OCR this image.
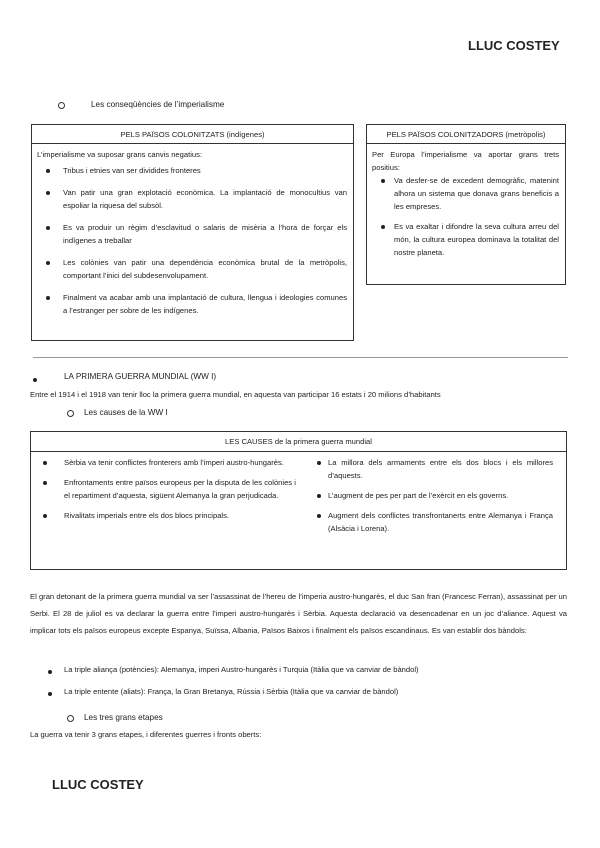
LLUC COSTEY
Les conseqüències de l’imperialisme
PELS PAÏSOS COLONITZATS (indígenes)

L’imperialisme va suposar grans canvis negatius:

Tribus i etnies van ser dividides fronteres
Van patir una gran explotació econòmica. La implantació de monocultius van espoliar la riquesa del subsòl.
Es va produir un règim d’esclavitud o salaris de misèria a l’hora de forçar els indígenes a treballar
Les colònies van patir una dependència econòmica brutal de la metròpolis, comportant l’inici del subdesenvolupament.
Finalment va acabar amb una implantació de cultura, llengua i ideologies comunes a l’estranger per sobre de les indígenes.
PELS PAÏSOS COLONITZADORS (metròpolis)

Per Europa l’imperialisme va aportar grans trets positius:

Va desfer-se de excedent demogràfic, matenint alhora un sistema que donava grans beneficis a les empreses.
Es va exaltar i difondre la seva cultura arreu del món, la cultura europea dominava la totalitat del nostre planeta.
LA PRIMERA GUERRA MUNDIAL (WW I)
Entre el 1914 i el 1918 van tenir lloc la primera guerra mundial, en aquesta van participar 16 estats i 20 milions d’habitants
Les causes de la WW I
LES CAUSES de la primera guerra mundial
Sèrbia va tenir conflictes fronterers amb l’imperi austro-hungarès.
Enfrontaments entre països europeus per la disputa de les colònies i el repartiment d’aquesta, sigüent Alemanya la gran perjudicada.
Rivalitats imperials entre els dos blocs principals.
La millora dels armaments entre els dos blocs i els millores d’aquests.
L’augment de pes per part de l’exèrcit en els governs.
Augment dels conflictes transfrontanerts entre Alemanya i França (Alsàcia i Lorena).
El gran detonant de la primera guerra mundial va ser l’assassinat de l’hereu de l’imperia austro-hungarès, el duc San fran (Francesc Ferran), assassinat per un Serbi. El 28 de juliol es va declarar la guerra entre l’imperi austro-hungarès i Sèrbia. Aquesta declaració va desencadenar en un joc d’aliance. Aquest va implicar tots els països europeus excepte Espanya, Suïssa, Albania, Països Baixos i finalment els països escandinaus. Es van establir dos bàndols:
La triple aliança (potències): Alemanya, imperi Austro-hungarès i Turquia (Itàlia que va canviar de bàndol)
La triple entente (aliats): França, la Gran Bretanya, Rússia i Sèrbia (Itàlia que va canviar de bàndol)
Les tres grans etapes
La guerra va tenir 3 grans etapes, i diferentes guerres i fronts oberts:
LLUC COSTEY
